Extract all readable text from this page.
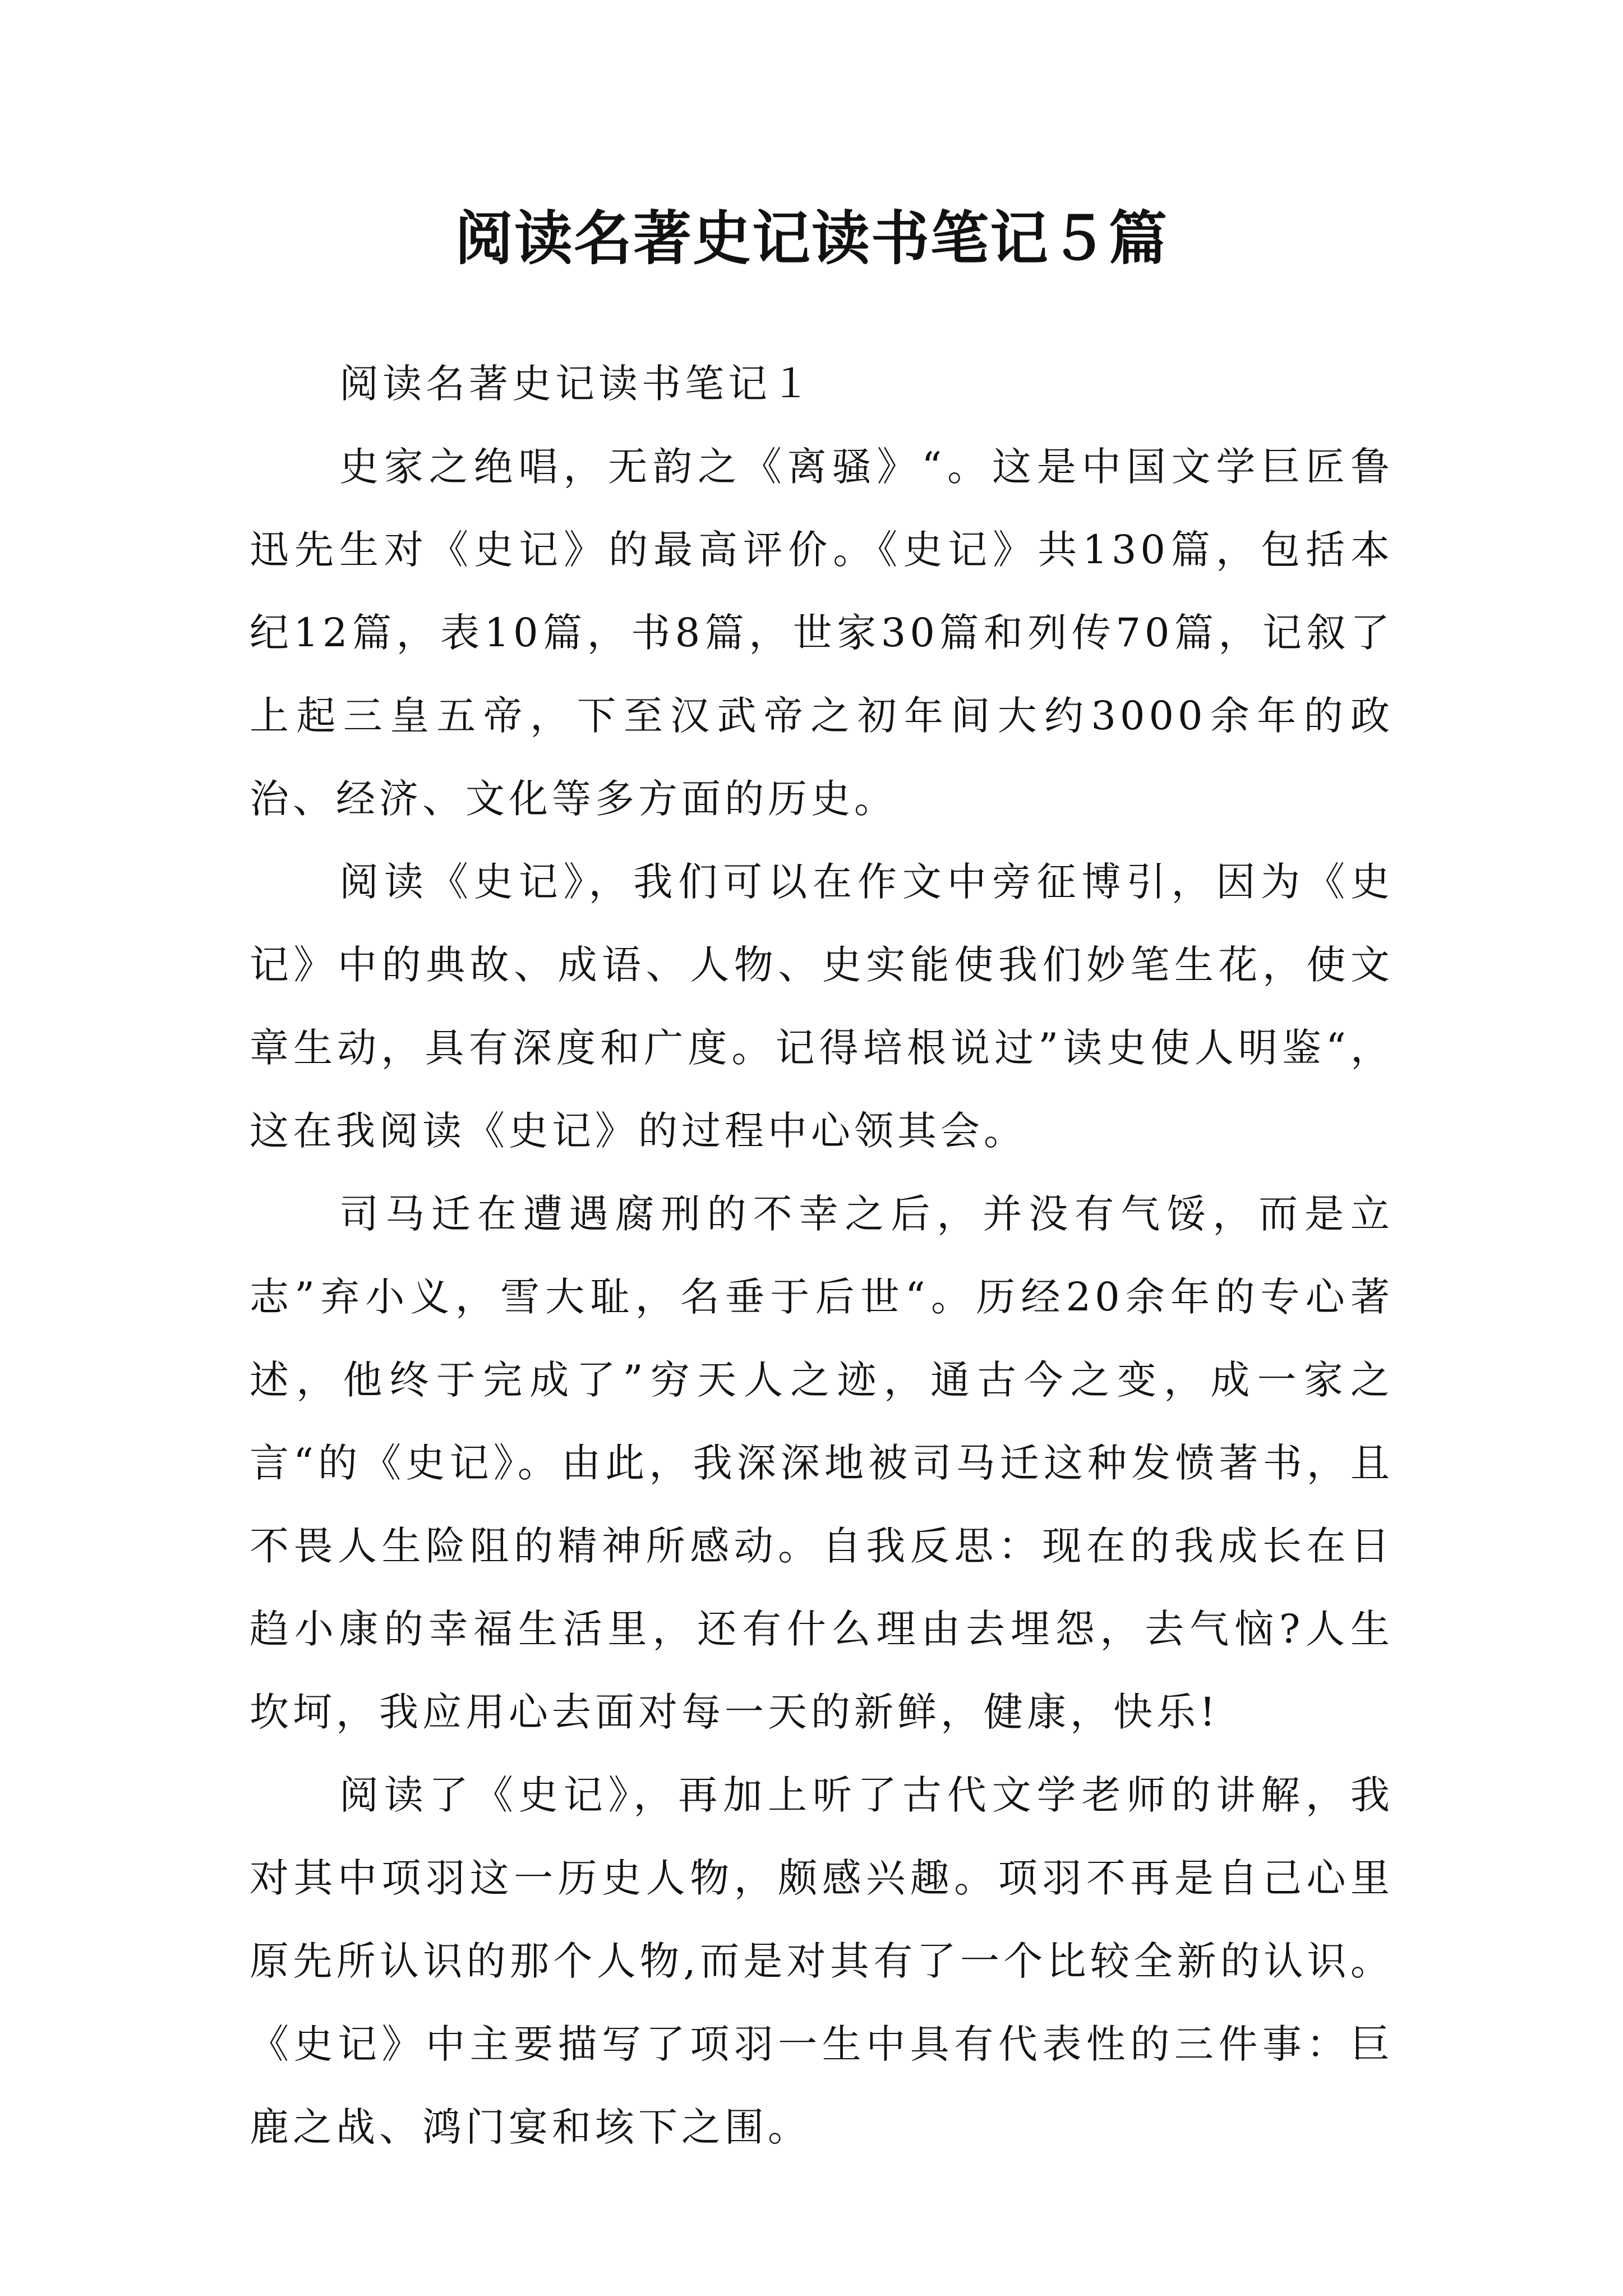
阅读名著史记读书笔记５篇

阅读名著史记读书笔记１

史家之绝唱，无韵之《离骚》“。这是中国文学巨匠鲁迅先生对《史记》的最高评价。《史记》共130篇，包括本纪12篇，表10篇，书8篇，世家30篇和列传70篇，记叙了上起三皇五帝，下至汉武帝之初年间大约3000余年的政治、经济、文化等多方面的历史。

阅读《史记》，我们可以在作文中旁征博引，因为《史记》中的典故、成语、人物、史实能使我们妙笔生花，使文章生动，具有深度和广度。记得培根说过”读史使人明鉴“，这在我阅读《史记》的过程中心领其会。

司马迁在遭遇腐刑的不幸之后，并没有气馁，而是立志”弃小义，雪大耻，名垂于后世“。历经20余年的专心著述，他终于完成了”穷天人之迹，通古今之变，成一家之言“的《史记》。由此，我深深地被司马迁这种发愤著书，且不畏人生险阻的精神所感动。自我反思：现在的我成长在日趋小康的幸福生活里，还有什么理由去埋怨，去气恼?人生坎坷，我应用心去面对每一天的新鲜，健康，快乐!

阅读了《史记》，再加上听了古代文学老师的讲解，我对其中项羽这一历史人物，颇感兴趣。项羽不再是自己心里原先所认识的那个人物,而是对其有了一个比较全新的认识。《史记》中主要描写了项羽一生中具有代表性的三件事：巨鹿之战、鸿门宴和垓下之围。
